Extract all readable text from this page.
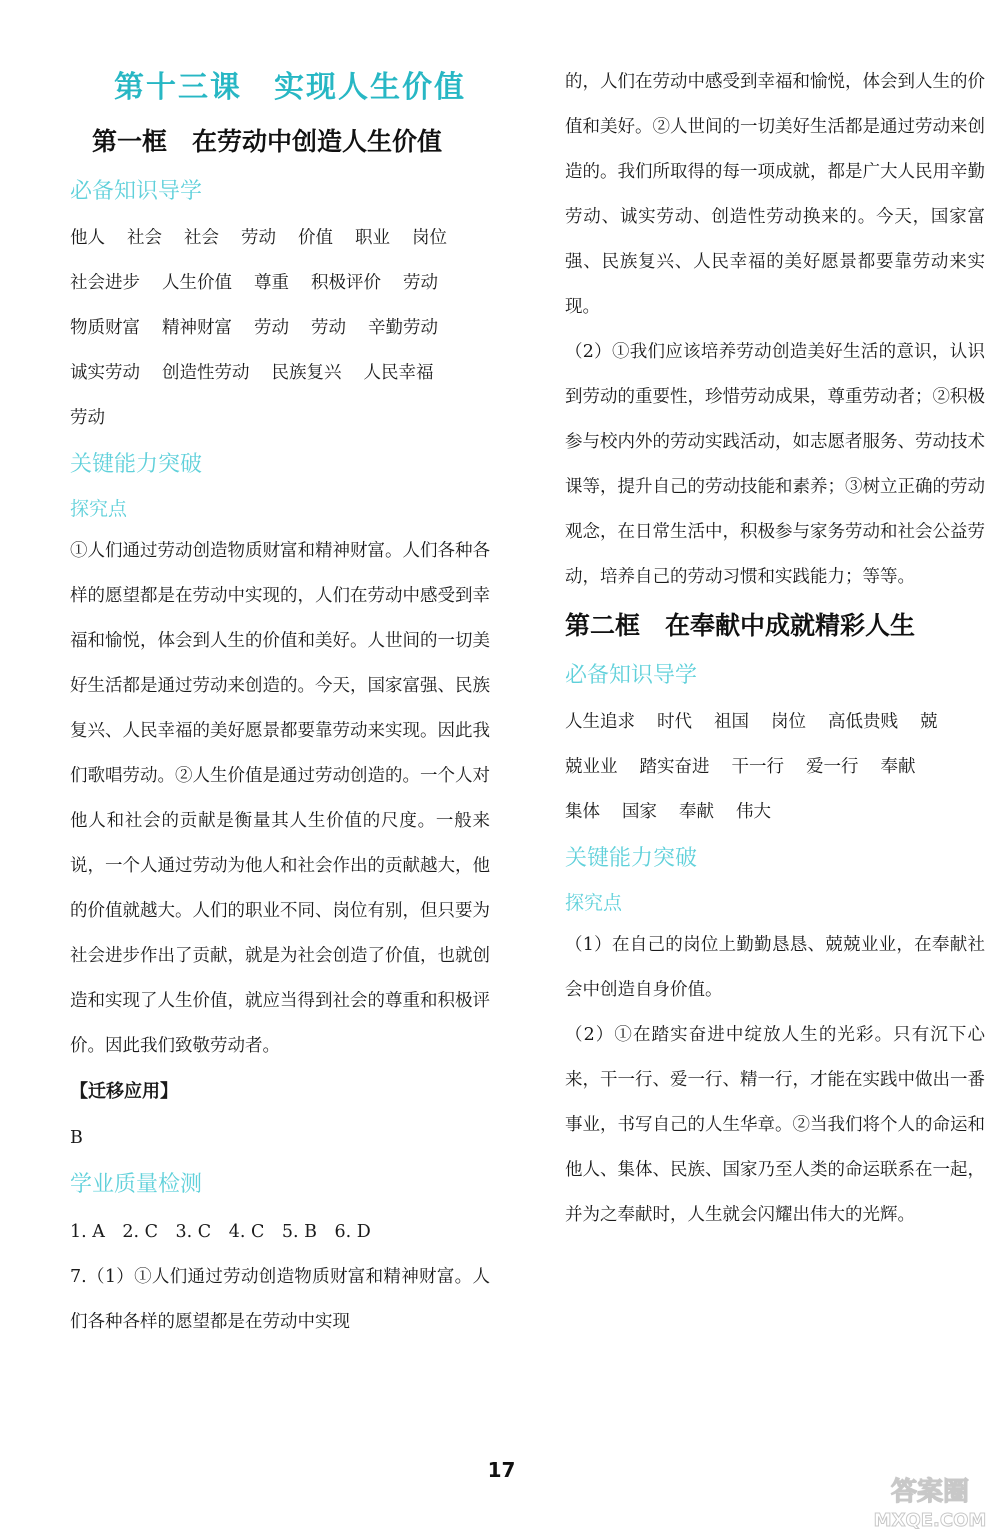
第十三课　实现人生价值
第一框　在劳动中创造人生价值
必备知识导学
他人 社会 社会 劳动 价值 职业 岗位
社会进步 人生价值 尊重 积极评价 劳动
物质财富 精神财富 劳动 劳动 辛勤劳动
诚实劳动 创造性劳动 民族复兴 人民幸福
劳动
关键能力突破
探究点

①人们通过劳动创造物质财富和精神财富。人们各种各样的愿望都是在劳动中实现的，人们在劳动中感受到幸福和愉悦，体会到人生的价值和美好。人世间的一切美好生活都是通过劳动来创造的。今天，国家富强、民族复兴、人民幸福的美好愿景都要靠劳动来实现。因此我们歌唱劳动。②人生价值是通过劳动创造的。一个人对他人和社会的贡献是衡量其人生价值的尺度。一般来说，一个人通过劳动为他人和社会作出的贡献越大，他的价值就越大。人们的职业不同、岗位有别，但只要为社会进步作出了贡献，就是为社会创造了价值，也就创造和实现了人生价值，就应当得到社会的尊重和积极评价。因此我们致敬劳动者。

【迁移应用】
B
学业质量检测
1. A　2. C　3. C　4. C　5. B　6. D

7.（1）①人们通过劳动创造物质财富和精神财富。人们各种各样的愿望都是在劳动中实现

的，人们在劳动中感受到幸福和愉悦，体会到人生的价值和美好。②人世间的一切美好生活都是通过劳动来创造的。我们所取得的每一项成就，都是广大人民用辛勤劳动、诚实劳动、创造性劳动换来的。今天，国家富强、民族复兴、人民幸福的美好愿景都要靠劳动来实现。

（2）①我们应该培养劳动创造美好生活的意识，认识到劳动的重要性，珍惜劳动成果，尊重劳动者；②积极参与校内外的劳动实践活动，如志愿者服务、劳动技术课等，提升自己的劳动技能和素养；③树立正确的劳动观念，在日常生活中，积极参与家务劳动和社会公益劳动，培养自己的劳动习惯和实践能力；等等。

第二框　在奉献中成就精彩人生
必备知识导学
人生追求 时代 祖国 岗位 高低贵贱 兢
兢业业 踏实奋进 干一行 爱一行 奉献
集体 国家 奉献 伟大
关键能力突破
探究点

（1）在自己的岗位上勤勤恳恳、兢兢业业，在奉献社会中创造自身价值。

（2）①在踏实奋进中绽放人生的光彩。只有沉下心来，干一行、爱一行、精一行，才能在实践中做出一番事业，书写自己的人生华章。②当我们将个人的命运和他人、集体、民族、国家乃至人类的命运联系在一起，并为之奉献时，人生就会闪耀出伟大的光辉。

17
答案圈
MXQE.COM
